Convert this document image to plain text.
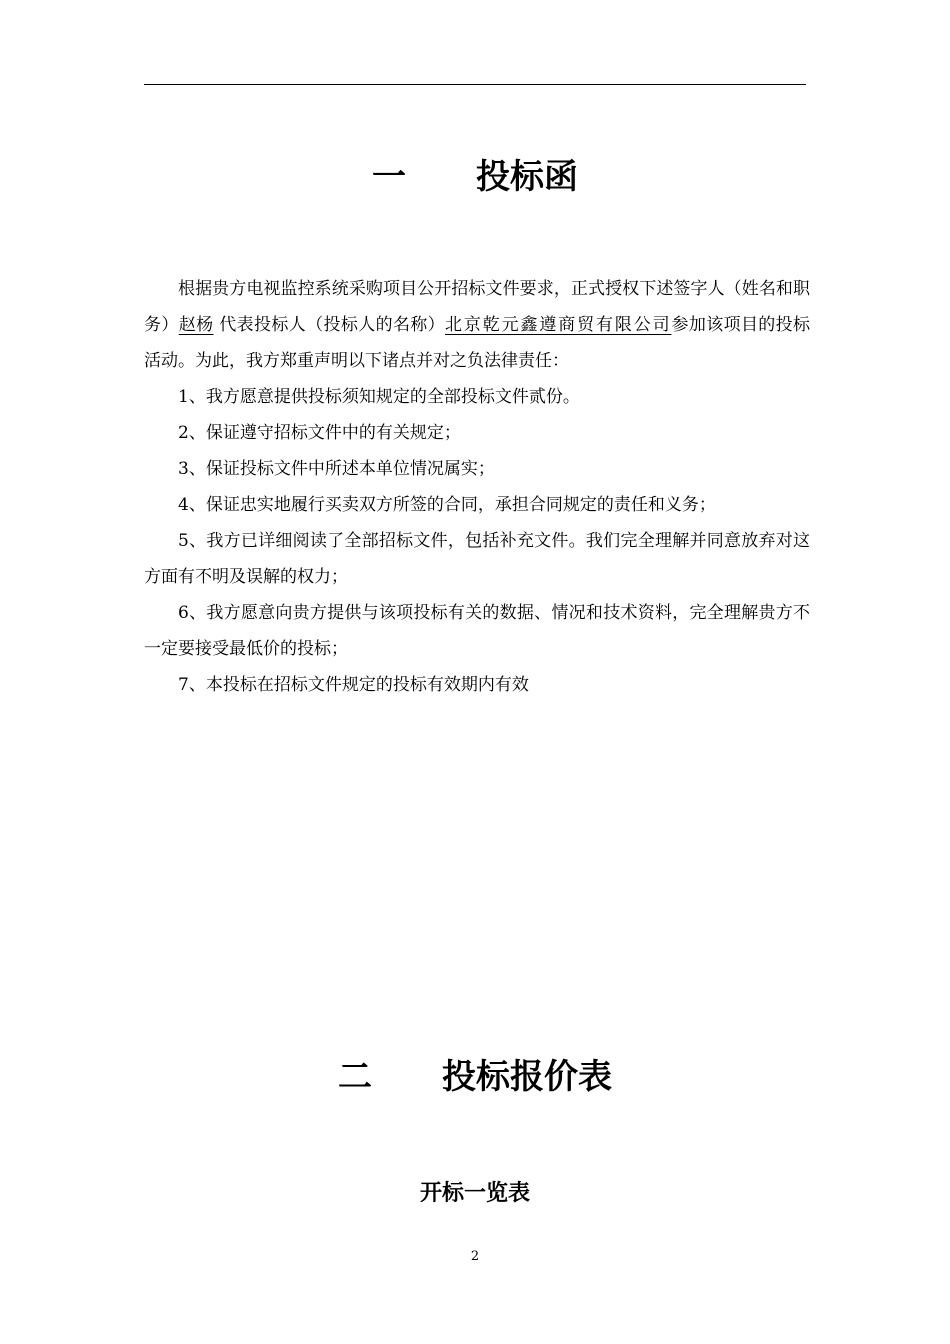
一 投标函

根据贵方电视监控系统采购项目公开招标文件要求，正式授权下述签字人（姓名和职务）赵杨 代表投标人（投标人的名称）北京乾元鑫遵商贸有限公司参加该项目的投标活动。为此，我方郑重声明以下诸点并对之负法律责任：

1、我方愿意提供投标须知规定的全部投标文件贰份。

2、保证遵守招标文件中的有关规定；

3、保证投标文件中所述本单位情况属实；

4、保证忠实地履行买卖双方所签的合同，承担合同规定的责任和义务；

5、我方已详细阅读了全部招标文件，包括补充文件。我们完全理解并同意放弃对这方面有不明及误解的权力；

6、我方愿意向贵方提供与该项投标有关的数据、情况和技术资料，完全理解贵方不一定要接受最低价的投标；

7、本投标在招标文件规定的投标有效期内有效

二 投标报价表
开标一览表
2
